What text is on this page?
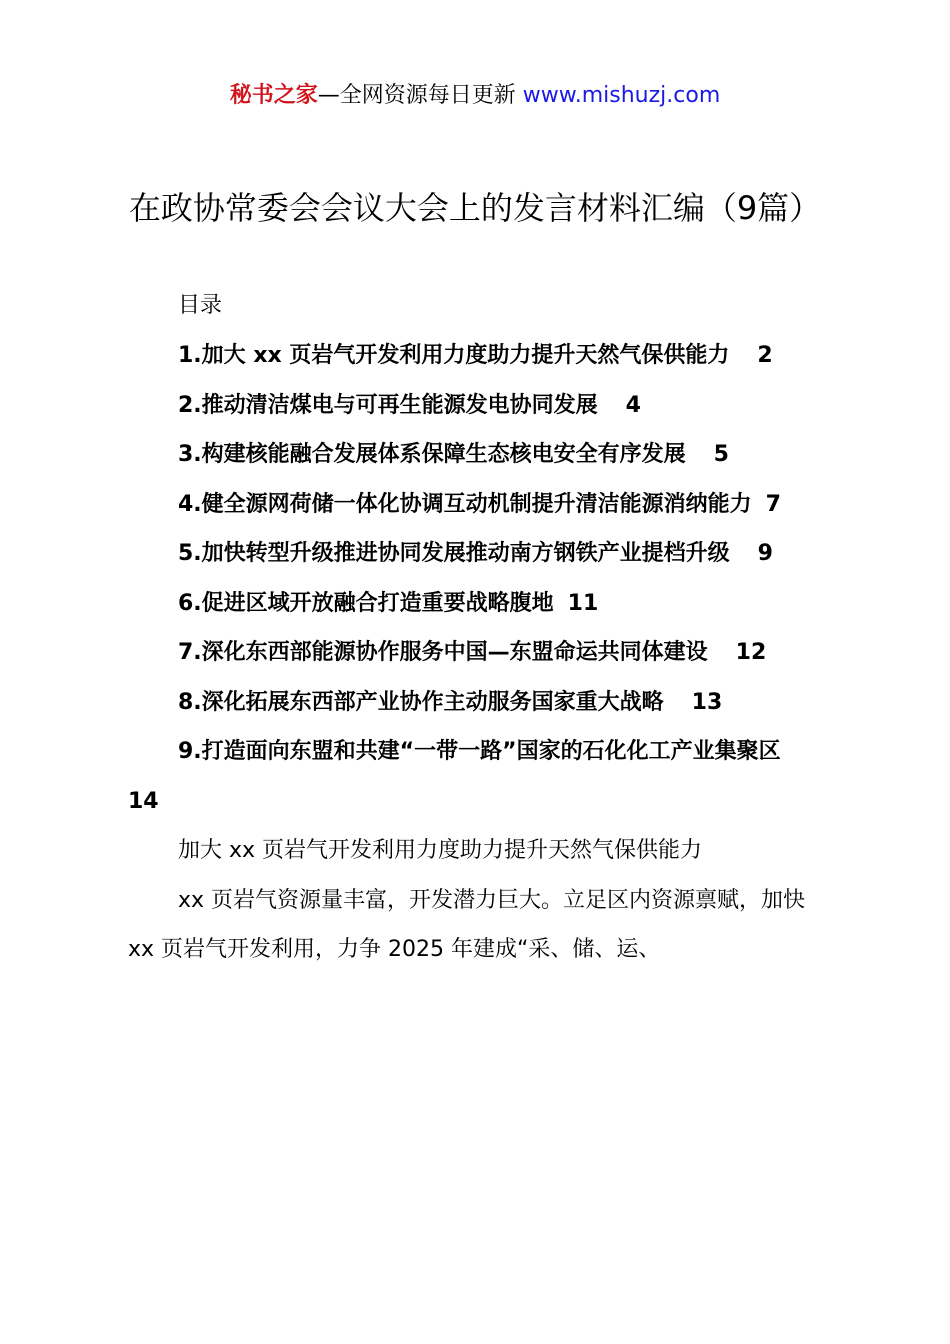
秘书之家—全网资源每日更新 www.mishuzj.com
在政协常委会会议大会上的发言材料汇编（9篇）

目录

1.加大 xx 页岩气开发利用力度助力提升天然气保供能力 2
2.推动清洁煤电与可再生能源发电协同发展 4
3.构建核能融合发展体系保障生态核电安全有序发展 5
4.健全源网荷储一体化协调互动机制提升清洁能源消纳能力 7
5.加快转型升级推进协同发展推动南方钢铁产业提档升级 9
6.促进区域开放融合打造重要战略腹地 11
7.深化东西部能源协作服务中国—东盟命运共同体建设 12
8.深化拓展东西部产业协作主动服务国家重大战略 13
9.打造面向东盟和共建“一带一路”国家的石化化工产业集聚区14

加大 xx 页岩气开发利用力度助力提升天然气保供能力

xx 页岩气资源量丰富，开发潜力巨大。立足区内资源禀赋，加快 xx 页岩气开发利用，力争 2025 年建成“采、储、运、
